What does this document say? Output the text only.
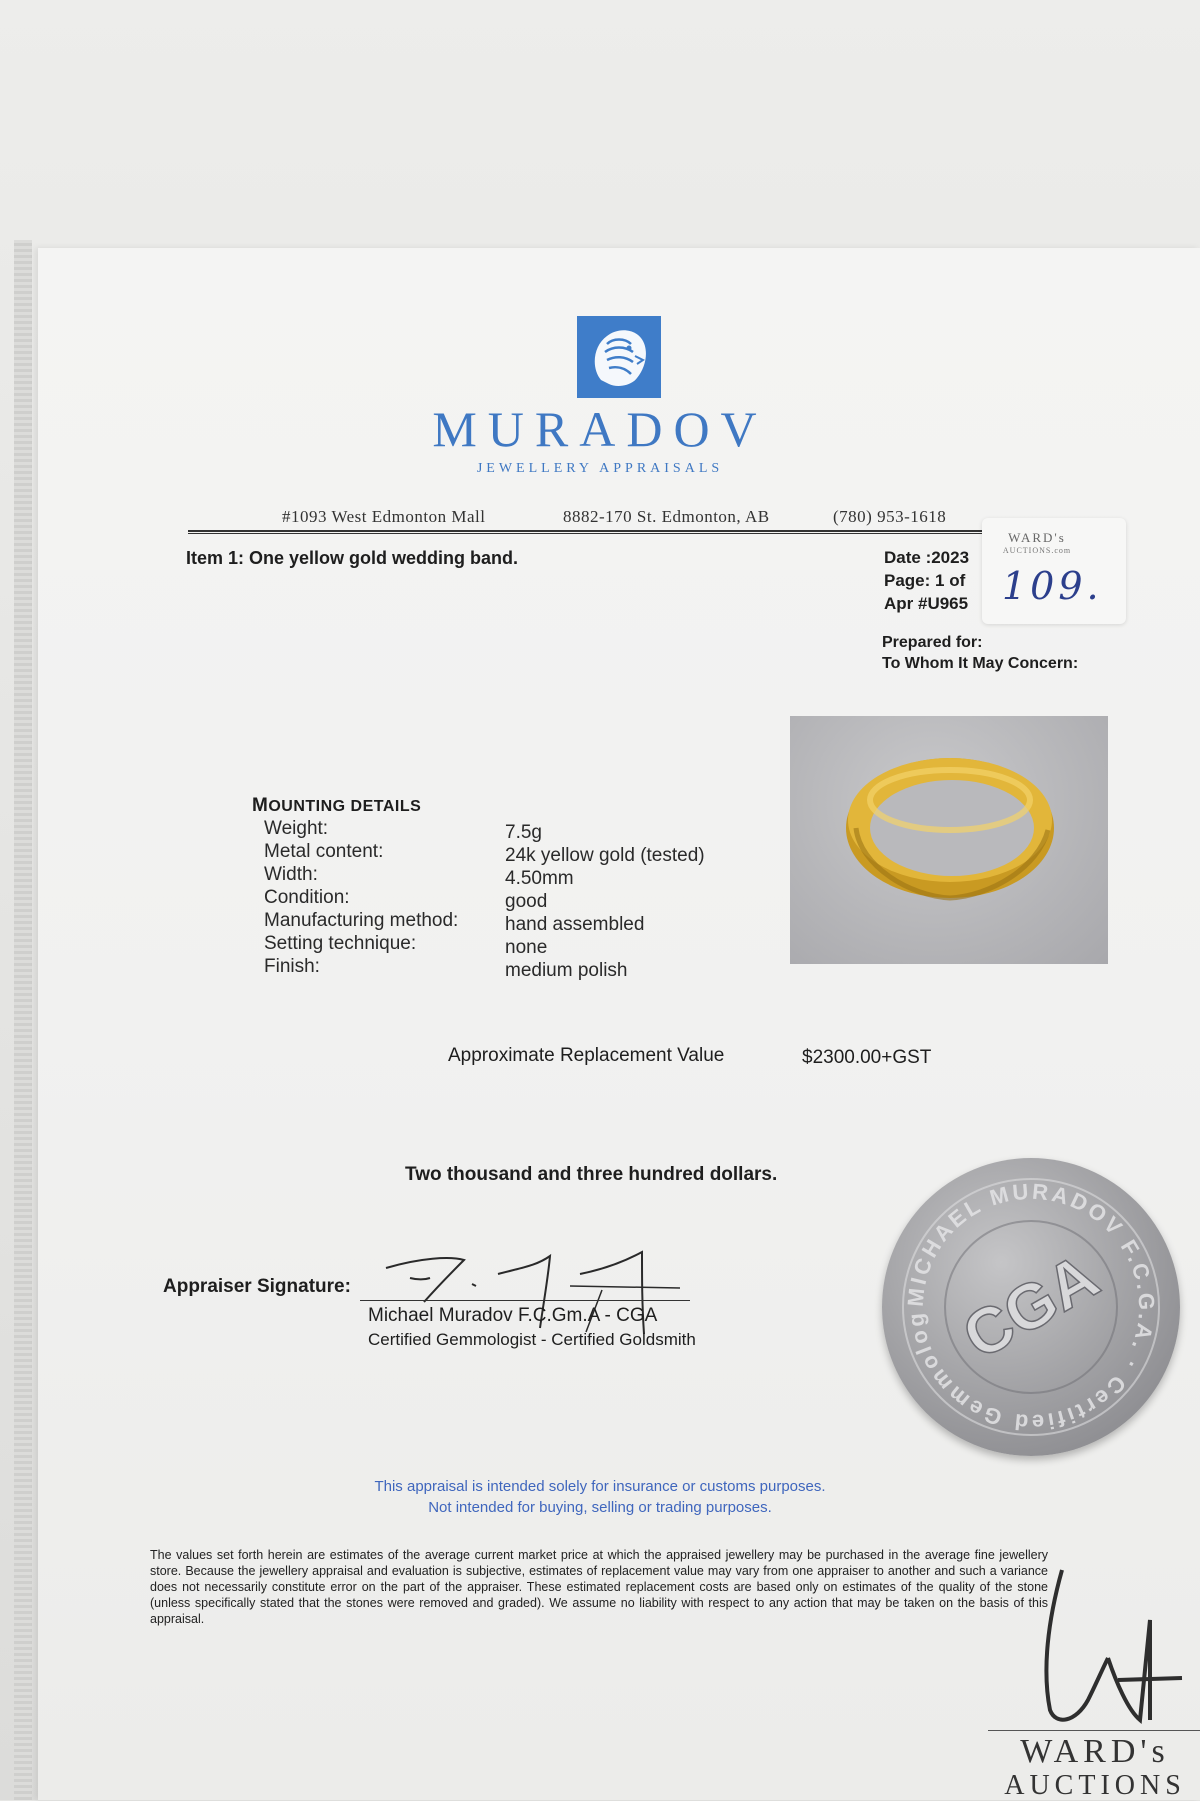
MURADOV
JEWELLERY APPRAISALS
#1093 West Edmonton Mall	8882-170 St. Edmonton, AB	(780) 953-1618
Item 1: One yellow gold wedding band.	Date :2023
Page: 1 of
Apr #U965
Prepared for:
To Whom It May Concern:
WARD's
AUCTIONS.com
109.
MOUNTING DETAILS
Weight:	7.5g
Metal content:	24k yellow gold (tested)
Width:	4.50mm
Condition:	good
Manufacturing method: hand assembled
Setting technique:	none
Finish:	medium polish
Approximate Replacement Value	$2300.00+GST
Two thousand and three hundred dollars.
Appraiser Signature:
Michael Muradov F.C.Gm.A - CGA
Certified Gemmologist - Certified Goldsmith
MICHAEL MURADOV F.C.G.A. · Certified Gemmolog CGA
This appraisal is intended solely for insurance or customs purposes.
Not intended for buying, selling or trading purposes.
The values set forth herein are estimates of the average current market price at which the appraised jewellery may be purchased in the average fine jewellery store. Because the jewellery appraisal and evaluation is subjective, estimates of replacement value may vary from one appraiser to another and such a variance does not necessarily constitute error on the part of the appraiser. These estimated replacement costs are based only on estimates of the quality of the stone (unless specifically stated that the stones were removed and graded). We assume no liability with respect to any action that may be taken on the basis of this appraisal.
WARD's
AUCTIONS
